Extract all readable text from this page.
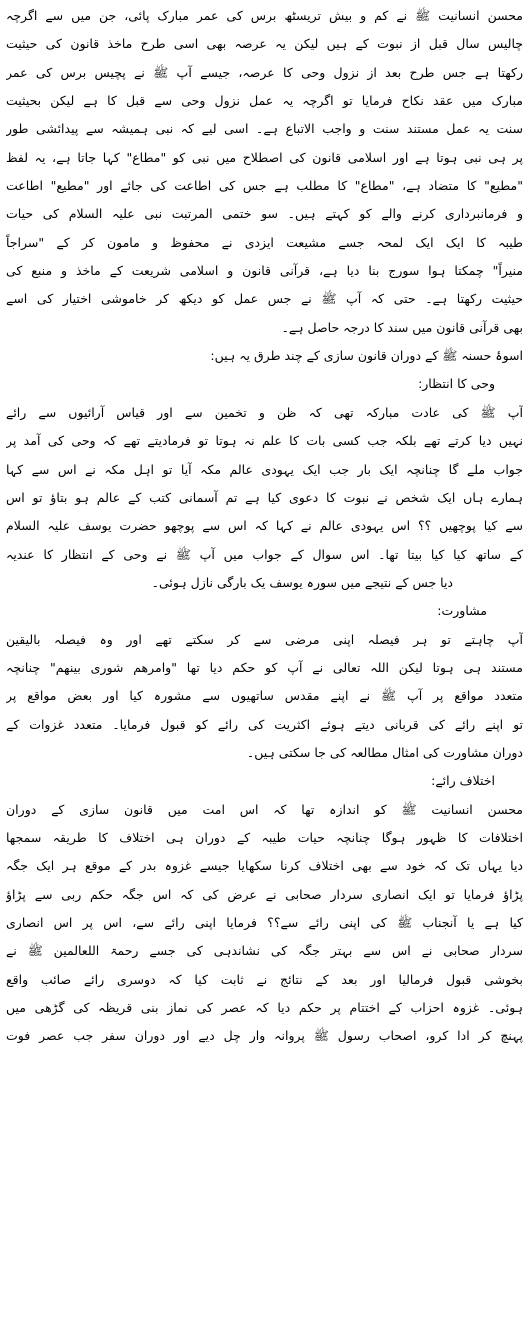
محسن انسانیت ﷺ نے کم و بیش تریسٹھ برس کی عمر مبارک پائی، جن میں سے اگرچہ
چالیس سال قبل از نبوت کے ہیں لیکن یہ عرصہ بھی اسی طرح ماخذ قانون کی حیثیت
رکھتا ہے جس طرح بعد از نزول وحی کا عرصہ، جیسے آپ ﷺ نے پچیس برس کی عمر
مبارک میں عقد نکاح فرمایا تو اگرچہ یہ عمل نزول وحی سے قبل کا ہے لیکن بحیثیت
سنت یہ عمل مستند سنت و واجب الاتباع ہے۔ اسی لیے کہ نبی ہمیشہ سے پیدائشی طور
پر ہی نبی ہوتا ہے اور اسلامی قانون کی اصطلاح میں نبی کو "مطاع" کہا جاتا ہے، یہ لفظ
"مطیع" کا متضاد ہے، "مطاع" کا مطلب ہے جس کی اطاعت کی جائے اور "مطیع" اطاعت
و فرمانبرداری کرنے والے کو کہتے ہیں۔ سو ختمی المرتبت نبی علیہ السلام کی حیات
طیبہ کا ایک ایک لمحہ جسے مشیعت ایزدی نے محفوظ و مامون کر کے "سراجاً
منیراً" چمکتا ہوا سورج بنا دیا ہے، قرآنی قانون و اسلامی شریعت کے ماخذ و منبع کی
حیثیت رکھتا ہے۔ حتی کہ آپ ﷺ نے جس عمل کو دیکھ کر خاموشی اختیار کی اسے
بھی قرآنی قانون میں سند کا درجہ حاصل ہے۔
اسوۂ حسنہ ﷺ کے دوران قانون سازی کے چند طرق یہ ہیں:
وحی کا انتظار:
آپ ﷺ کی عادت مبارکہ تھی کہ ظن و تخمین سے اور قیاس آرائیوں سے رائے
نہیں دیا کرتے تھے بلکہ جب کسی بات کا علم نہ ہوتا تو فرمادیتے تھے کہ وحی کی آمد پر
جواب ملے گا چنانچہ ایک بار جب ایک یہودی عالم مکہ آیا تو اہل مکہ نے اس سے کہا
ہمارے ہاں ایک شخص نے نبوت کا دعوی کیا ہے تم آسمانی کتب کے عالم ہو بتاؤ تو اس
سے کیا پوچھیں ؟؟ اس یہودی عالم نے کہا کہ اس سے پوچھو حضرت یوسف علیہ السلام
کے ساتھ کیا کیا بیتا تھا۔ اس سوال کے جواب میں آپ ﷺ نے وحی کے انتظار کا عندیہ
دیا جس کے نتیجے میں سورہ یوسف یک بارگی نازل ہوئی۔
مشاورت:
آپ چاہتے تو ہر فیصلہ اپنی مرضی سے کر سکتے تھے اور وہ فیصلہ بالیقین
مستند ہی ہوتا لیکن اللہ تعالی نے آپ کو حکم دیا تھا "وامرھم شوری بینھم" چنانچہ
متعدد مواقع پر آپ ﷺ نے اپنے مقدس ساتھیوں سے مشورہ کیا اور بعض مواقع پر
تو اپنے رائے کی قربانی دیتے ہوئے اکثریت کی رائے کو قبول فرمایا۔ متعدد غزوات کے
دوران مشاورت کی امثال مطالعہ کی جا سکتی ہیں۔
اختلاف رائے:
محسن انسانیت ﷺ کو اندازہ تھا کہ اس امت میں قانون سازی کے دوران
اختلافات کا ظہور ہوگا چنانچہ حیات طیبہ کے دوران ہی اختلاف کا طریقہ سمجھا
دیا یہاں تک کہ خود سے بھی اختلاف کرنا سکھایا جیسے غزوہ بدر کے موقع ہر ایک جگہ
پڑاؤ فرمایا تو ایک انصاری سردار صحابی نے عرض کی کہ اس جگہ حکم ربی سے پڑاؤ
کیا ہے یا آنجناب ﷺ کی اپنی رائے سے؟؟ فرمایا اپنی رائے سے، اس پر اس انصاری
سردار صحابی نے اس سے بہتر جگہ کی نشاندہی کی جسے رحمۃ اللعالمین ﷺ نے
بخوشی قبول فرمالیا اور بعد کے نتائج نے ثابت کیا کہ دوسری رائے صائب واقع
ہوئی۔ غزوہ احزاب کے اختتام پر حکم دیا کہ عصر کی نماز بنی قریظہ کی گڑھی میں
پہنچ کر ادا کرو، اصحاب رسول ﷺ پروانہ وار چل دیے اور دوران سفر جب عصر فوت
